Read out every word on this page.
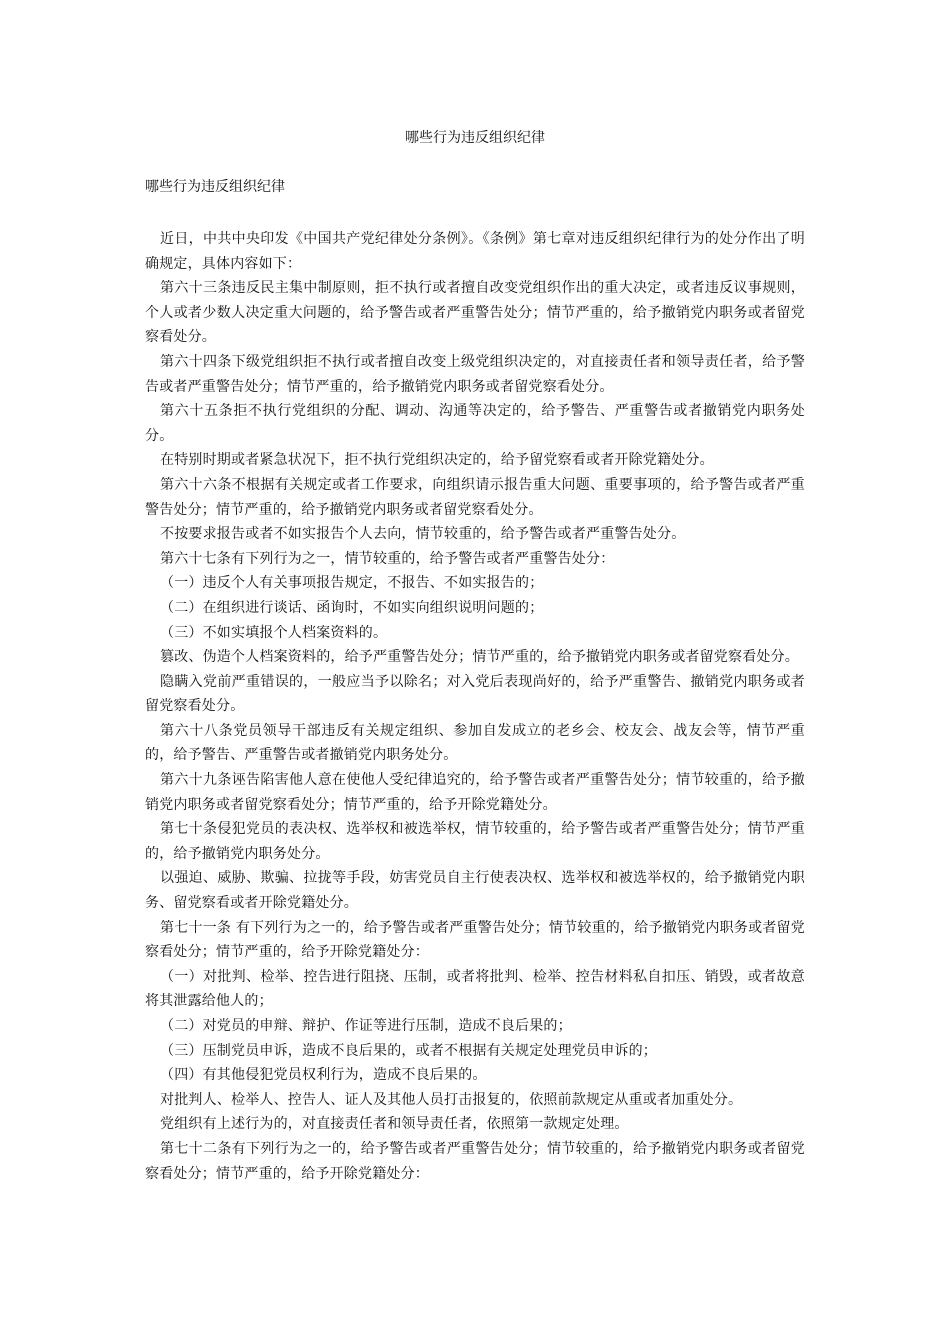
哪些行为违反组织纪律
哪些行为违反组织纪律

近日，中共中央印发《中国共产党纪律处分条例》。《条例》第七章对违反组织纪律行为的处分作出了明确规定，具体内容如下：

第六十三条违反民主集中制原则，拒不执行或者擅自改变党组织作出的重大决定，或者违反议事规则，个人或者少数人决定重大问题的，给予警告或者严重警告处分；情节严重的，给予撤销党内职务或者留党察看处分。

第六十四条下级党组织拒不执行或者擅自改变上级党组织决定的，对直接责任者和领导责任者，给予警告或者严重警告处分；情节严重的，给予撤销党内职务或者留党察看处分。

第六十五条拒不执行党组织的分配、调动、沟通等决定的，给予警告、严重警告或者撤销党内职务处分。

在特别时期或者紧急状况下，拒不执行党组织决定的，给予留党察看或者开除党籍处分。

第六十六条不根据有关规定或者工作要求，向组织请示报告重大问题、重要事项的，给予警告或者严重警告处分；情节严重的，给予撤销党内职务或者留党察看处分。

不按要求报告或者不如实报告个人去向，情节较重的，给予警告或者严重警告处分。

第六十七条有下列行为之一，情节较重的，给予警告或者严重警告处分：

（一）违反个人有关事项报告规定，不报告、不如实报告的；

（二）在组织进行谈话、函询时，不如实向组织说明问题的；

（三）不如实填报个人档案资料的。

篡改、伪造个人档案资料的，给予严重警告处分；情节严重的，给予撤销党内职务或者留党察看处分。

隐瞒入党前严重错误的，一般应当予以除名；对入党后表现尚好的，给予严重警告、撤销党内职务或者留党察看处分。

第六十八条党员领导干部违反有关规定组织、参加自发成立的老乡会、校友会、战友会等，情节严重的，给予警告、严重警告或者撤销党内职务处分。

第六十九条诬告陷害他人意在使他人受纪律追究的，给予警告或者严重警告处分；情节较重的，给予撤销党内职务或者留党察看处分；情节严重的，给予开除党籍处分。

第七十条侵犯党员的表决权、选举权和被选举权，情节较重的，给予警告或者严重警告处分；情节严重的，给予撤销党内职务处分。

以强迫、威胁、欺骗、拉拢等手段，妨害党员自主行使表决权、选举权和被选举权的，给予撤销党内职务、留党察看或者开除党籍处分。

第七十一条 有下列行为之一的，给予警告或者严重警告处分；情节较重的，给予撤销党内职务或者留党察看处分；情节严重的，给予开除党籍处分：

（一）对批判、检举、控告进行阻挠、压制，或者将批判、检举、控告材料私自扣压、销毁，或者故意将其泄露给他人的；

（二）对党员的申辩、辩护、作证等进行压制，造成不良后果的；

（三）压制党员申诉，造成不良后果的，或者不根据有关规定处理党员申诉的；

（四）有其他侵犯党员权利行为，造成不良后果的。

对批判人、检举人、控告人、证人及其他人员打击报复的，依照前款规定从重或者加重处分。

党组织有上述行为的，对直接责任者和领导责任者，依照第一款规定处理。

第七十二条有下列行为之一的，给予警告或者严重警告处分；情节较重的，给予撤销党内职务或者留党察看处分；情节严重的，给予开除党籍处分：
